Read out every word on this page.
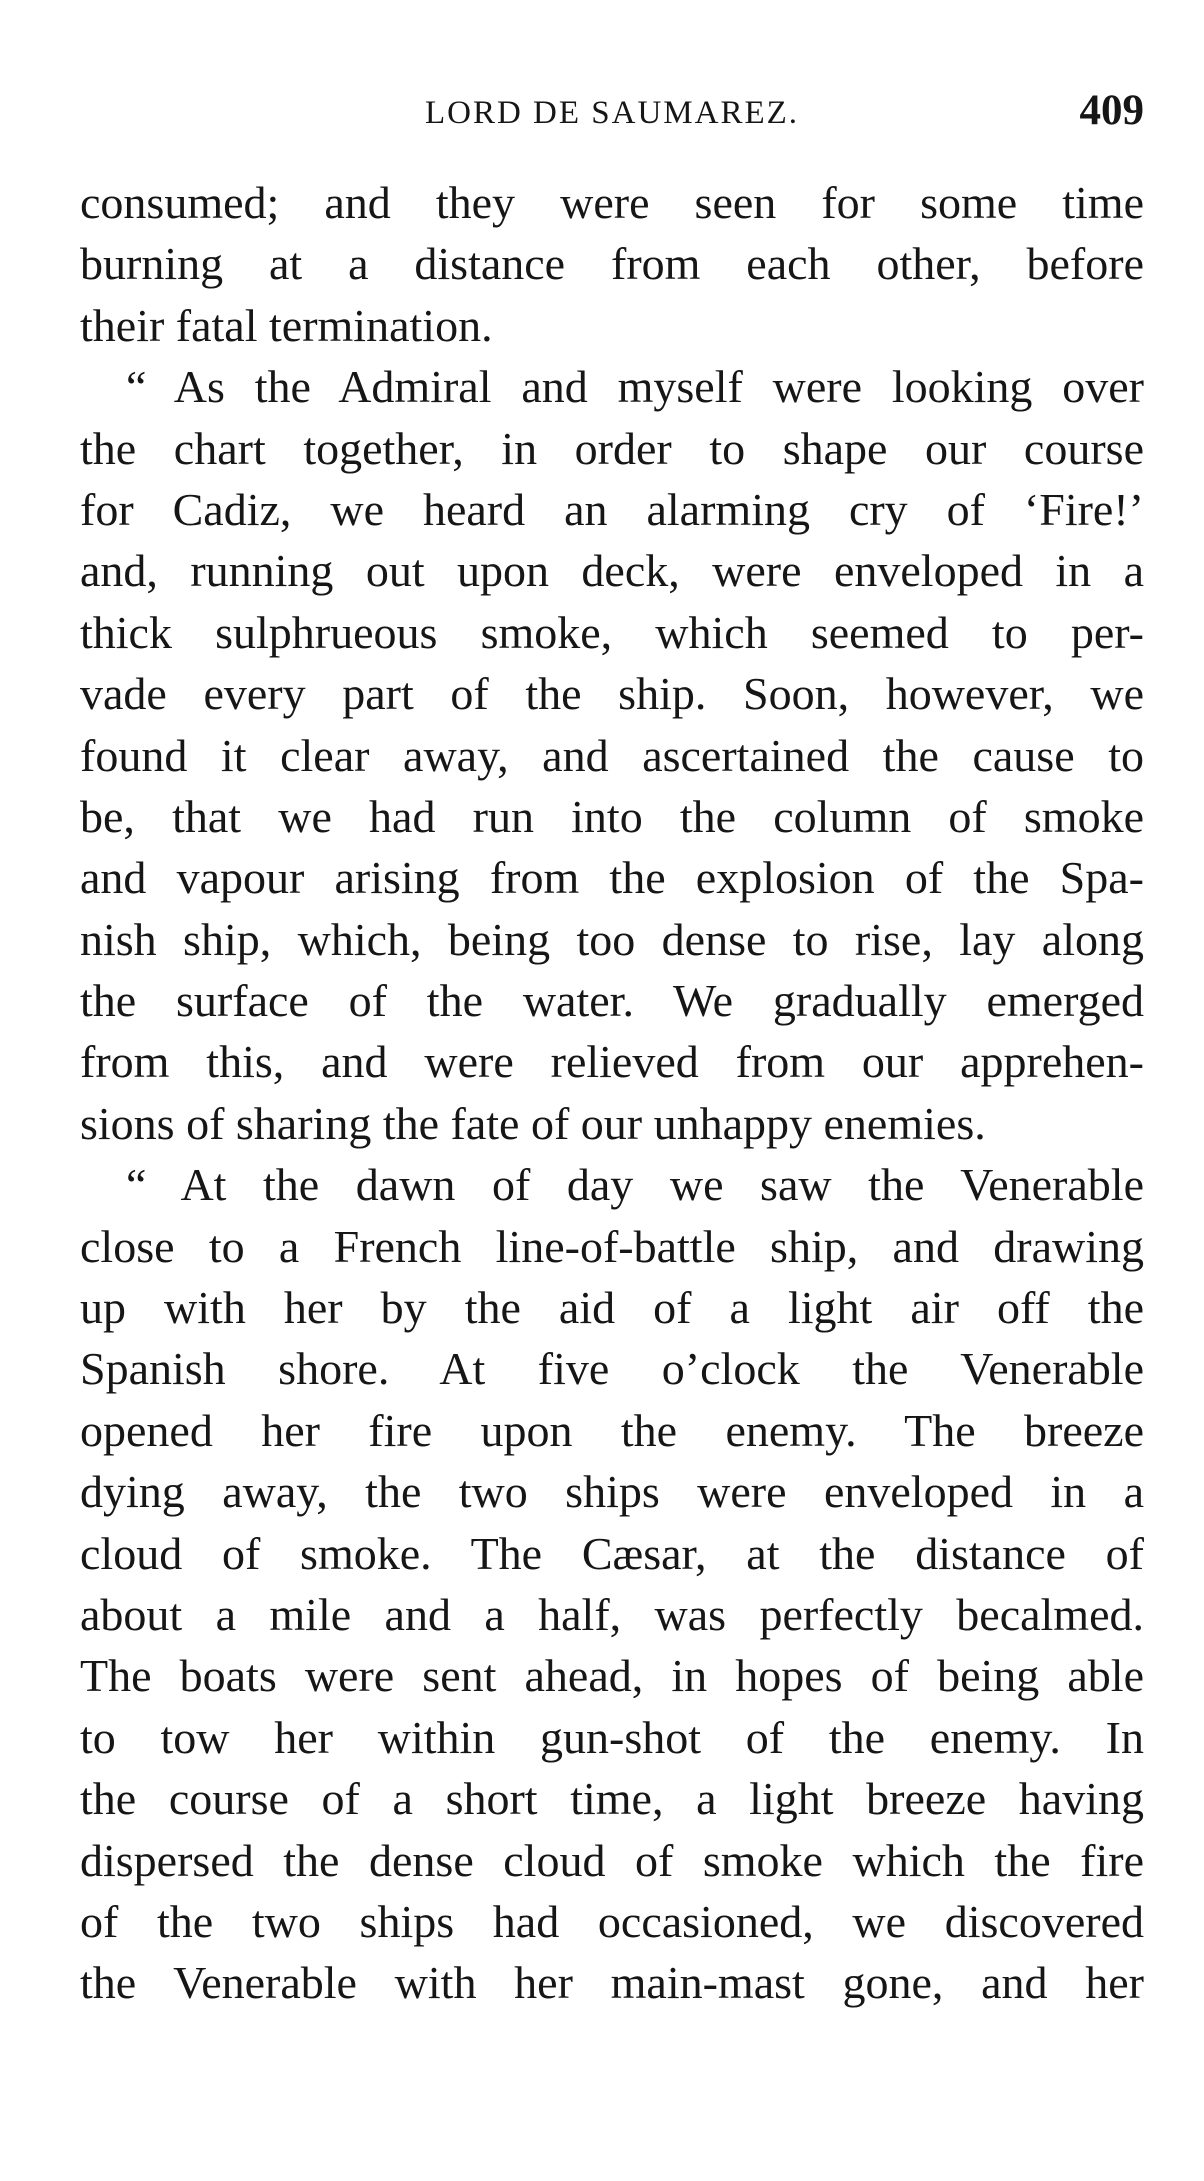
LORD DE SAUMAREZ.	409
consumed; and they were seen for some time
burning at a distance from each other, before
their fatal termination.
“ As the Admiral and myself were looking over
the chart together, in order to shape our course
for Cadiz, we heard an alarming cry of ‘Fire!’
and, running out upon deck, were enveloped in a
thick sulphrueous smoke, which seemed to per-
vade every part of the ship. Soon, however, we
found it clear away, and ascertained the cause to
be, that we had run into the column of smoke
and vapour arising from the explosion of the Spa-
nish ship, which, being too dense to rise, lay along
the surface of the water. We gradually emerged
from this, and were relieved from our apprehen-
sions of sharing the fate of our unhappy enemies.
“ At the dawn of day we saw the Venerable
close to a French line-of-battle ship, and drawing
up with her by the aid of a light air off the
Spanish shore. At five o’clock the Venerable
opened her fire upon the enemy. The breeze
dying away, the two ships were enveloped in a
cloud of smoke. The Cæsar, at the distance of
about a mile and a half, was perfectly becalmed.
The boats were sent ahead, in hopes of being able
to tow her within gun-shot of the enemy. In
the course of a short time, a light breeze having
dispersed the dense cloud of smoke which the fire
of the two ships had occasioned, we discovered
the Venerable with her main-mast gone, and her
